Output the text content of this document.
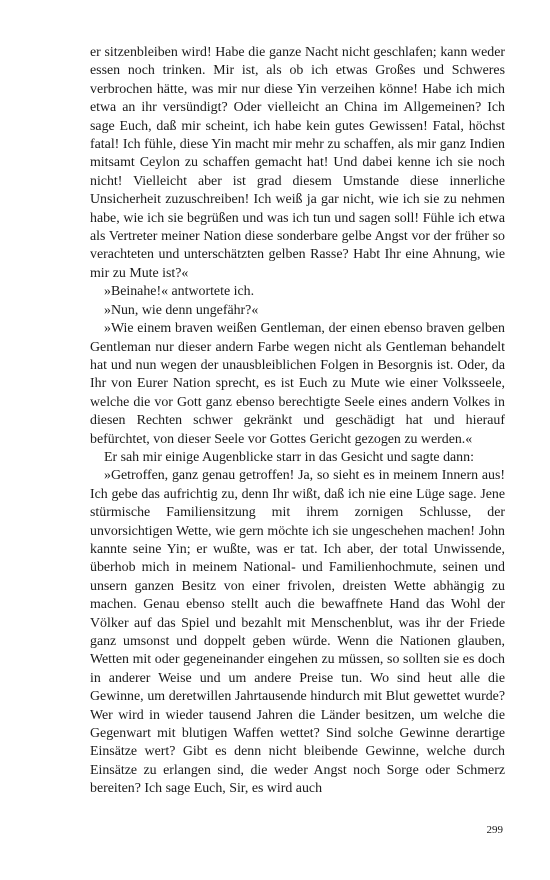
er sitzenbleiben wird! Habe die ganze Nacht nicht geschlafen; kann weder essen noch trinken. Mir ist, als ob ich etwas Großes und Schweres verbrochen hätte, was mir nur diese Yin verzeihen könne! Habe ich mich etwa an ihr versündigt? Oder vielleicht an China im Allgemeinen? Ich sage Euch, daß mir scheint, ich habe kein gutes Gewissen! Fatal, höchst fatal! Ich fühle, diese Yin macht mir mehr zu schaffen, als mir ganz Indien mitsamt Ceylon zu schaffen gemacht hat! Und dabei kenne ich sie noch nicht! Vielleicht aber ist grad diesem Umstande diese innerliche Unsicherheit zuzuschreiben! Ich weiß ja gar nicht, wie ich sie zu nehmen habe, wie ich sie begrüßen und was ich tun und sagen soll! Fühle ich etwa als Vertreter meiner Nation diese sonderbare gelbe Angst vor der früher so verachteten und unterschätzten gelben Rasse? Habt Ihr eine Ahnung, wie mir zu Mute ist?«

»Beinahe!« antwortete ich.

»Nun, wie denn ungefähr?«

»Wie einem braven weißen Gentleman, der einen ebenso braven gelben Gentleman nur dieser andern Farbe wegen nicht als Gentleman behandelt hat und nun wegen der unausbleiblichen Folgen in Besorgnis ist. Oder, da Ihr von Eurer Nation sprecht, es ist Euch zu Mute wie einer Volksseele, welche die vor Gott ganz ebenso berechtigte Seele eines andern Volkes in diesen Rechten schwer gekränkt und geschädigt hat und hierauf befürchtet, von dieser Seele vor Gottes Gericht gezogen zu werden.«

Er sah mir einige Augenblicke starr in das Gesicht und sagte dann:

»Getroffen, ganz genau getroffen! Ja, so sieht es in meinem Innern aus! Ich gebe das aufrichtig zu, denn Ihr wißt, daß ich nie eine Lüge sage. Jene stürmische Familiensitzung mit ihrem zornigen Schlusse, der unvorsichtigen Wette, wie gern möchte ich sie ungeschehen machen! John kannte seine Yin; er wußte, was er tat. Ich aber, der total Unwissende, überhob mich in meinem National- und Familienhochmute, seinen und unsern ganzen Besitz von einer frivolen, dreisten Wette abhängig zu machen. Genau ebenso stellt auch die bewaffnete Hand das Wohl der Völker auf das Spiel und bezahlt mit Menschenblut, was ihr der Friede ganz umsonst und doppelt geben würde. Wenn die Nationen glauben, Wetten mit oder gegeneinander eingehen zu müssen, so sollten sie es doch in anderer Weise und um andere Preise tun. Wo sind heut alle die Gewinne, um deretwillen Jahrtausende hindurch mit Blut gewettet wurde? Wer wird in wieder tausend Jahren die Länder besitzen, um welche die Gegenwart mit blutigen Waffen wettet? Sind solche Gewinne derartige Einsätze wert? Gibt es denn nicht bleibende Gewinne, welche durch Einsätze zu erlangen sind, die weder Angst noch Sorge oder Schmerz bereiten? Ich sage Euch, Sir, es wird auch

299
